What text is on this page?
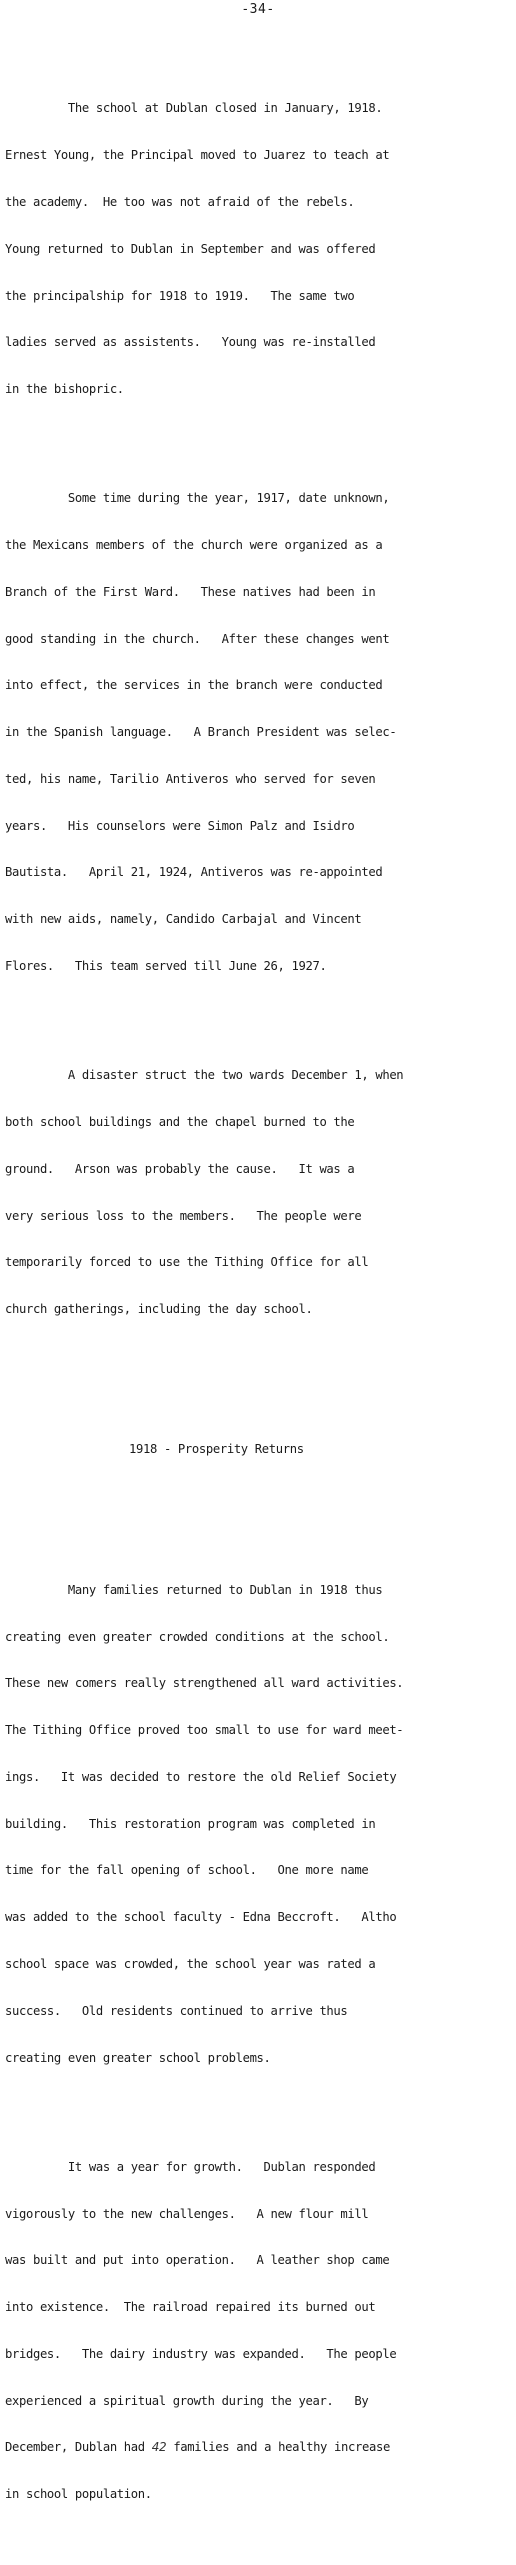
-34-

The school at Dublan closed in January, 1918.

Ernest Young, the Principal moved to Juarez to teach at

the academy.  He too was not afraid of the rebels.

Young returned to Dublan in September and was offered

the principalship for 1918 to 1919.   The same two

ladies served as assistents.   Young was re-installed

in the bishopric.

Some time during the year, 1917, date unknown,

the Mexicans members of the church were organized as a

Branch of the First Ward.   These natives had been in

good standing in the church.   After these changes went

into effect, the services in the branch were conducted

in the Spanish language.   A Branch President was selec-

ted, his name, Tarilio Antiveros who served for seven

years.   His counselors were Simon Palz and Isidro

Bautista.   April 21, 1924, Antiveros was re-appointed

with new aids, namely, Candido Carbajal and Vincent

Flores.   This team served till June 26, 1927.

A disaster struct the two wards December 1, when

both school buildings and the chapel burned to the

ground.   Arson was probably the cause.   It was a

very serious loss to the members.   The people were

temporarily forced to use the Tithing Office for all

church gatherings, including the day school.

1918 - Prosperity Returns

Many families returned to Dublan in 1918 thus

creating even greater crowded conditions at the school.

These new comers really strengthened all ward activities.

The Tithing Office proved too small to use for ward meet-

ings.   It was decided to restore the old Relief Society

building.   This restoration program was completed in

time for the fall opening of school.   One more name

was added to the school faculty - Edna Beccroft.   Altho

school space was crowded, the school year was rated a

success.   Old residents continued to arrive thus

creating even greater school problems.

It was a year for growth.   Dublan responded

vigorously to the new challenges.   A new flour mill

was built and put into operation.   A leather shop came

into existence.  The railroad repaired its burned out

bridges.   The dairy industry was expanded.   The people

experienced a spiritual growth during the year.   By

December, Dublan had 42 families and a healthy increase

in school population.
